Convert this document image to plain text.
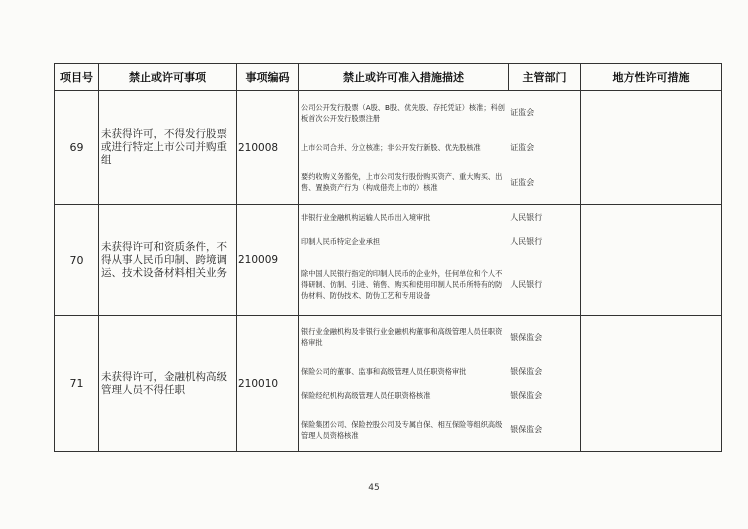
项目号	禁止或许可事项	事项编码	禁止或许可准入措施描述	主管部门	地方性许可措施
69	未获得许可，不得发行股票或进行特定上市公司并购重组	210008	
公司公开发行股票（A股、B股、优先股、存托凭证）核准；科创板首次公开发行股票注册	证监会
上市公司合并、分立核准；非公开发行新股、优先股核准	证监会
要约收购义务豁免，上市公司发行股份购买资产、重大购买、出售、置换资产行为（构成借壳上市的）核准	证监会

70	未获得许可和资质条件，不得从事人民币印制、跨境调运、技术设备材料相关业务	210009	
非银行业金融机构运输人民币出入境审批	人民银行
印制人民币特定企业承担	人民银行
除中国人民银行指定的印制人民币的企业外，任何单位和个人不得研制、仿制、引进、销售、购买和使用印制人民币所特有的防伪材料、防伪技术、防伪工艺和专用设备	人民银行

71	未获得许可，金融机构高级管理人员不得任职	210010	
银行业金融机构及非银行业金融机构董事和高级管理人员任职资格审批	银保监会
保险公司的董事、监事和高级管理人员任职资格审批	银保监会
保险经纪机构高级管理人员任职资格核准	银保监会
保险集团公司、保险控股公司及专属自保、相互保险等组织高级管理人员资格核准	银保监会

45
